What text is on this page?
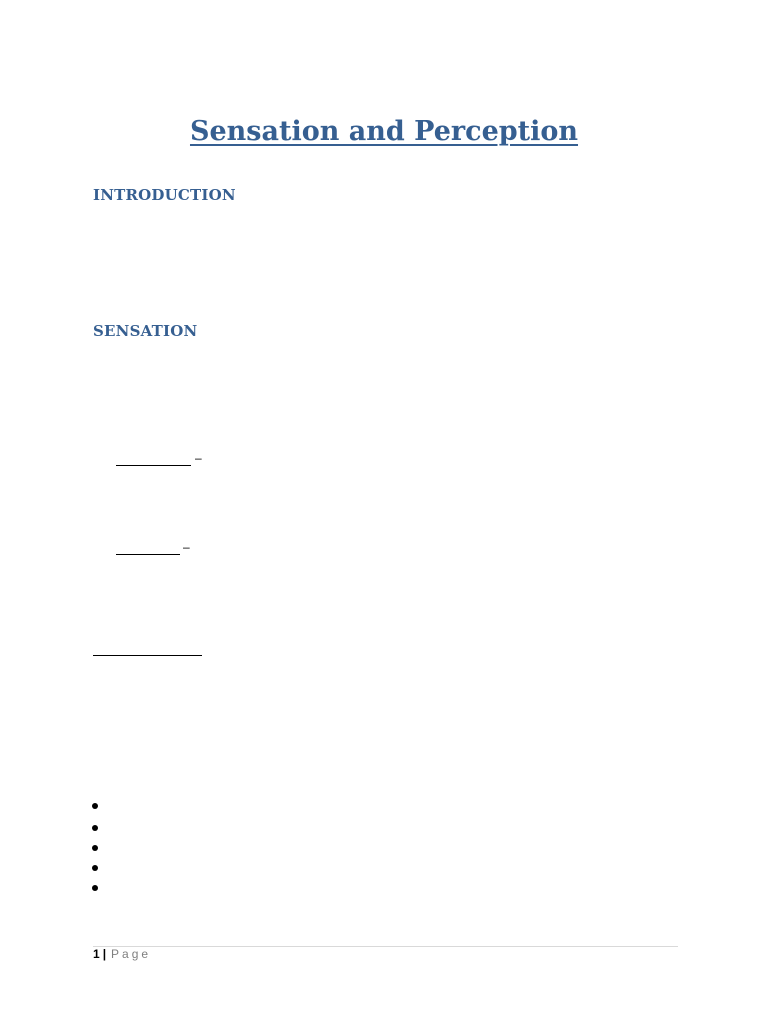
Sensation and Perception
INTRODUCTION
SENSATION
–
–
1 | Page
